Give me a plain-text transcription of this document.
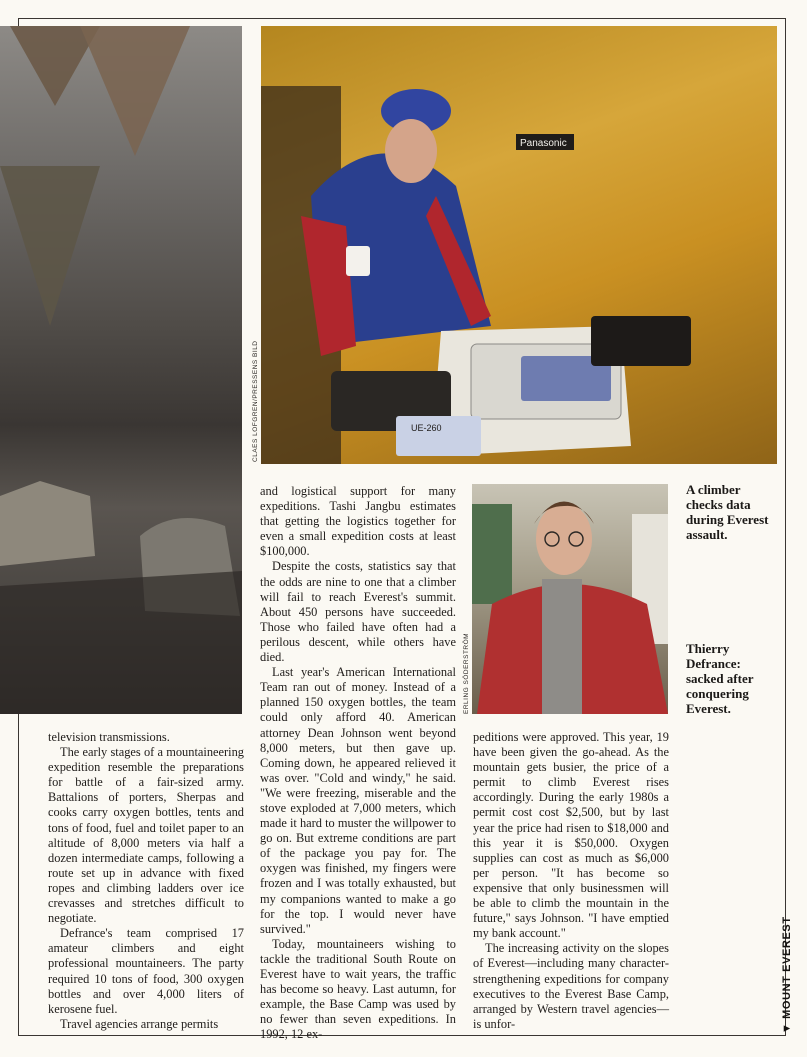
Panasonic
UE-260
CLAES LOFGREN/PRESSENS BILD
ERLING SÖDERSTRÖM
A climber checks data during Everest assault.
Thierry Defrance: sacked after conquering Everest.

television transmissions.

The early stages of a mountaineering expedition resemble the preparations for battle of a fair-sized army. Battalions of porters, Sherpas and cooks carry oxygen bottles, tents and tons of food, fuel and toilet paper to an altitude of 8,000 meters via half a dozen intermediate camps, following a route set up in advance with fixed ropes and climbing ladders over ice crevasses and stretches difficult to negotiate.

Defrance's team comprised 17 amateur climbers and eight professional mountaineers. The party required 10 tons of food, 300 oxygen bottles and over 4,000 liters of kerosene fuel.

Travel agencies arrange permits

and logistical support for many expeditions. Tashi Jangbu estimates that getting the logistics together for even a small expedition costs at least $100,000.

Despite the costs, statistics say that the odds are nine to one that a climber will fail to reach Everest's summit. About 450 persons have succeeded. Those who failed have often had a perilous descent, while others have died.

Last year's American International Team ran out of money. Instead of a planned 150 oxygen bottles, the team could only afford 40. American attorney Dean Johnson went beyond 8,000 meters, but then gave up. Coming down, he appeared relieved it was over. "Cold and windy," he said. "We were freezing, miserable and the stove exploded at 7,000 meters, which made it hard to muster the willpower to go on. But extreme conditions are part of the package you pay for. The oxygen was finished, my fingers were frozen and I was totally exhausted, but my companions wanted to make a go for the top. I would never have survived."

Today, mountaineers wishing to tackle the traditional South Route on Everest have to wait years, the traffic has become so heavy. Last autumn, for example, the Base Camp was used by no fewer than seven expeditions. In 1992, 12 ex-

peditions were approved. This year, 19 have been given the go-ahead. As the mountain gets busier, the price of a permit to climb Everest rises accordingly. During the early 1980s a permit cost cost $2,500, but by last year the price had risen to $18,000 and this year it is $50,000. Oxygen supplies can cost as much as $6,000 per person. "It has become so expensive that only businessmen will be able to climb the mountain in the future," says Johnson. "I have emptied my bank account."

The increasing activity on the slopes of Everest—including many character-strengthening expeditions for company executives to the Everest Base Camp, arranged by Western travel agencies—is unfor-	▼ MOUNT EVEREST
